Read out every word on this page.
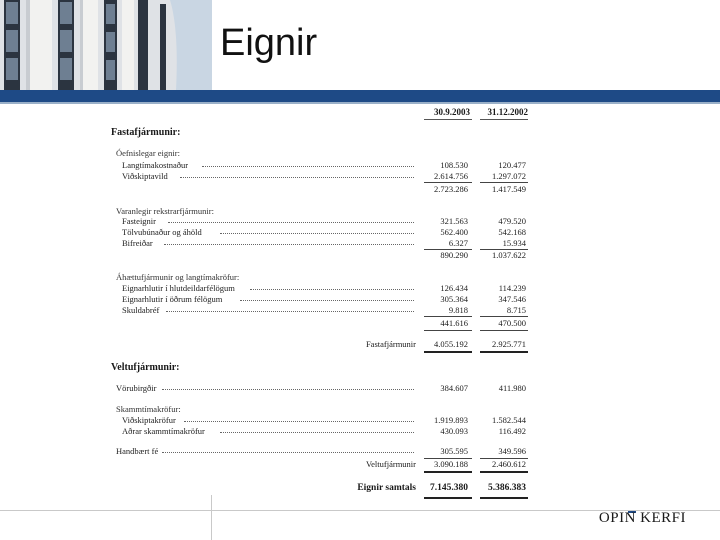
Eignir
30.9.2003	31.12.2002
Fastafjármunir:
Óefnislegar eignir:
Langtímakostnaður	108.530	120.477
Viðskiptavild	2.614.756	1.297.072
2.723.286	1.417.549
Varanlegir rekstrarfjármunir:
Fasteignir	321.563	479.520
Tölvubúnaður og áhöld	562.400	542.168
Bifreiðar	6.327	15.934
890.290	1.037.622
Áhættufjármunir og langtímakröfur:
Eignarhlutir í hlutdeildarfélögum	126.434	114.239
Eignarhlutir í öðrum félögum	305.364	347.546
Skuldabréf	9.818	8.715
441.616	470.500
Fastafjármunir	4.055.192	2.925.771
Veltufjármunir:
Vörubirgðir	384.607	411.980
Skammtímakröfur:
Viðskiptakröfur	1.919.893	1.582.544
Aðrar skammtímakröfur	430.093	116.492
Handbært fé	305.595	349.596
Veltufjármunir	3.090.188	2.460.612
Eignir samtals	7.145.380	5.386.383
OPIN KERFI
